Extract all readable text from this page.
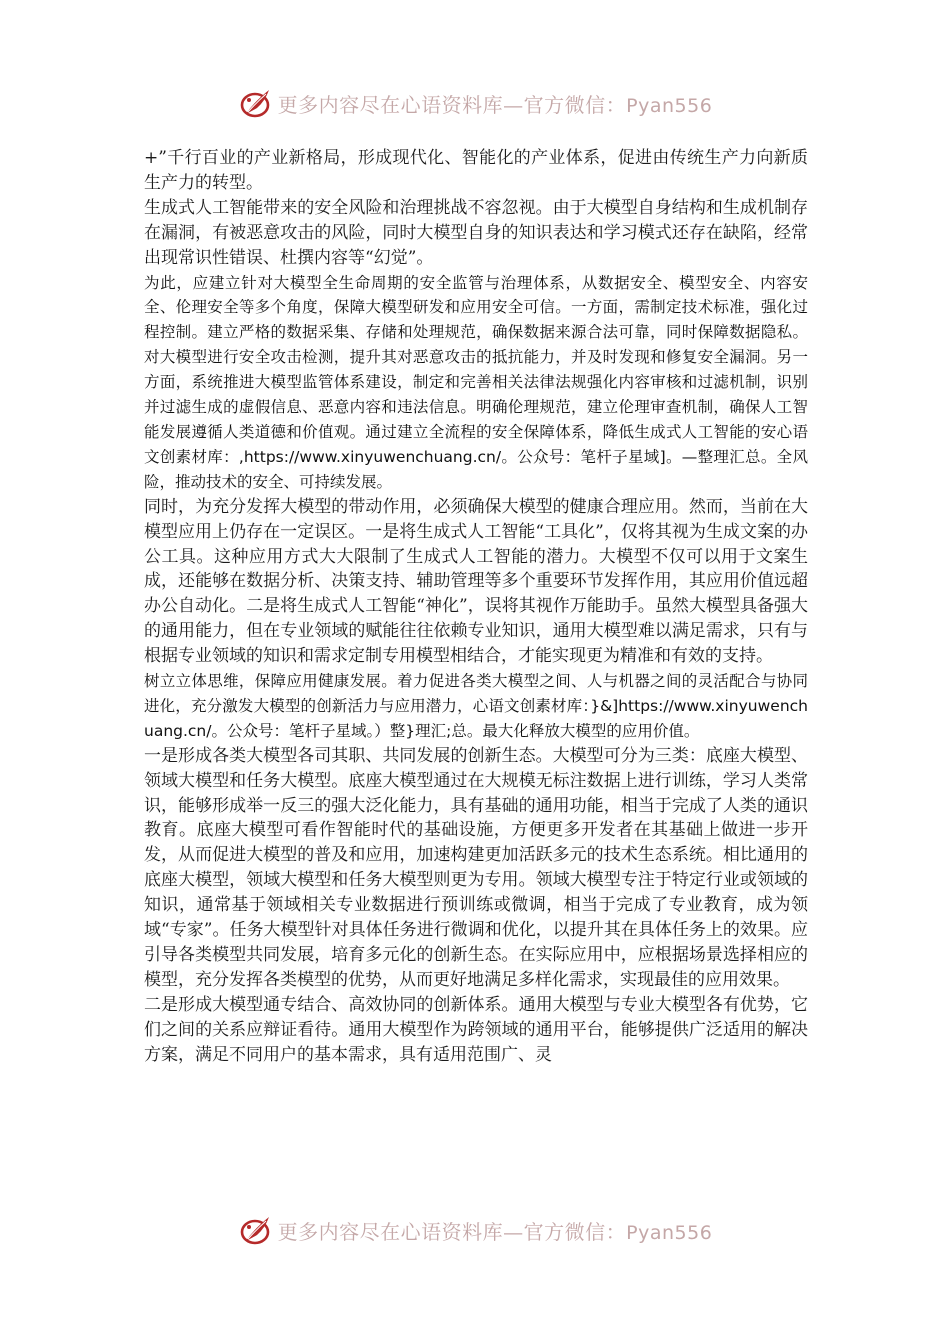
更多内容尽在心语资料库—官方微信：Pyan556

+”千行百业的产业新格局，形成现代化、智能化的产业体系，促进由传统生产力向新质生产力的转型。

生成式人工智能带来的安全风险和治理挑战不容忽视。由于大模型自身结构和生成机制存在漏洞，有被恶意攻击的风险，同时大模型自身的知识表达和学习模式还存在缺陷，经常出现常识性错误、杜撰内容等“幻觉”。

为此，应建立针对大模型全生命周期的安全监管与治理体系，从数据安全、模型安全、内容安全、伦理安全等多个角度，保障大模型研发和应用安全可信。一方面，需制定技术标准，强化过程控制。建立严格的数据采集、存储和处理规范，确保数据来源合法可靠，同时保障数据隐私。对大模型进行安全攻击检测，提升其对恶意攻击的抵抗能力，并及时发现和修复安全漏洞。另一方面，系统推进大模型监管体系建设，制定和完善相关法律法规强化内容审核和过滤机制，识别并过滤生成的虚假信息、恶意内容和违法信息。明确伦理规范，建立伦理审查机制，确保人工智能发展遵循人类道德和价值观。通过建立全流程的安全保障体系，降低生成式人工智能的安心语文创素材库：,https://www.xinyuwenchuang.cn/。公众号：笔杆子星域]。—整理汇总。全风险，推动技术的安全、可持续发展。

同时，为充分发挥大模型的带动作用，必须确保大模型的健康合理应用。然而，当前在大模型应用上仍存在一定误区。一是将生成式人工智能“工具化”，仅将其视为生成文案的办公工具。这种应用方式大大限制了生成式人工智能的潜力。大模型不仅可以用于文案生成，还能够在数据分析、决策支持、辅助管理等多个重要环节发挥作用，其应用价值远超办公自动化。二是将生成式人工智能“神化”，误将其视作万能助手。虽然大模型具备强大的通用能力，但在专业领域的赋能往往依赖专业知识，通用大模型难以满足需求，只有与根据专业领域的知识和需求定制专用模型相结合，才能实现更为精准和有效的支持。

树立立体思维，保障应用健康发展。着力促进各类大模型之间、人与机器之间的灵活配合与协同进化，充分激发大模型的创新活力与应用潜力，心语文创素材库：}&]https://www.xinyuwenchuang.cn/。公众号：笔杆子星域。）整}理汇;总。最大化释放大模型的应用价值。

一是形成各类大模型各司其职、共同发展的创新生态。大模型可分为三类：底座大模型、领域大模型和任务大模型。底座大模型通过在大规模无标注数据上进行训练，学习人类常识，能够形成举一反三的强大泛化能力，具有基础的通用功能，相当于完成了人类的通识教育。底座大模型可看作智能时代的基础设施，方便更多开发者在其基础上做进一步开发，从而促进大模型的普及和应用，加速构建更加活跃多元的技术生态系统。相比通用的底座大模型，领域大模型和任务大模型则更为专用。领域大模型专注于特定行业或领域的知识，通常基于领域相关专业数据进行预训练或微调，相当于完成了专业教育，成为领域“专家”。任务大模型针对具体任务进行微调和优化，以提升其在具体任务上的效果。应引导各类模型共同发展，培育多元化的创新生态。在实际应用中，应根据场景选择相应的模型，充分发挥各类模型的优势，从而更好地满足多样化需求，实现最佳的应用效果。

二是形成大模型通专结合、高效协同的创新体系。通用大模型与专业大模型各有优势，它们之间的关系应辩证看待。通用大模型作为跨领域的通用平台，能够提供广泛适用的解决方案，满足不同用户的基本需求，具有适用范围广、灵

更多内容尽在心语资料库—官方微信：Pyan556
